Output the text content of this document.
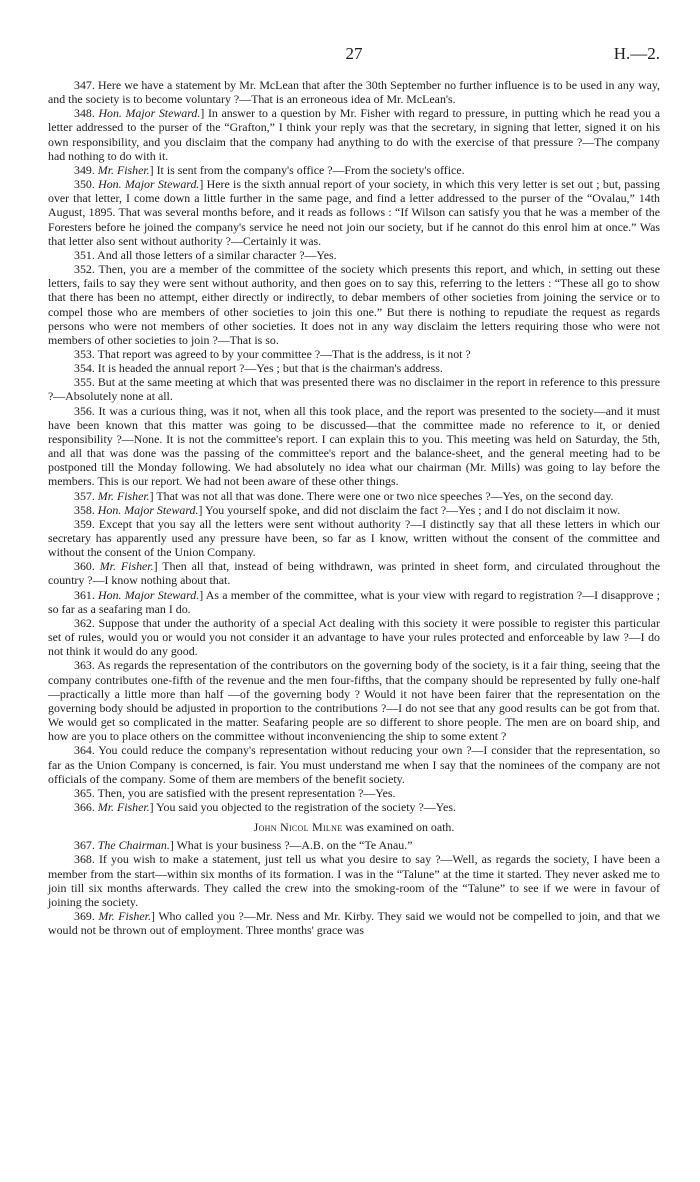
27	H.—2.

347. Here we have a statement by Mr. McLean that after the 30th September no further influence is to be used in any way, and the society is to become voluntary ?—That is an erroneous idea of Mr. McLean's.

348. Hon. Major Steward.] In answer to a question by Mr. Fisher with regard to pressure, in putting which he read you a letter addressed to the purser of the “Grafton,” I think your reply was that the secretary, in signing that letter, signed it on his own responsibility, and you disclaim that the company had anything to do with the exercise of that pressure ?—The company had nothing to do with it.

349. Mr. Fisher.] It is sent from the company's office ?—From the society's office.

350. Hon. Major Steward.] Here is the sixth annual report of your society, in which this very letter is set out ; but, passing over that letter, I come down a little further in the same page, and find a letter addressed to the purser of the “Ovalau,” 14th August, 1895. That was several months before, and it reads as follows : “If Wilson can satisfy you that he was a member of the Foresters before he joined the company's service he need not join our society, but if he cannot do this enrol him at once.” Was that letter also sent without authority ?—Certainly it was.

351. And all those letters of a similar character ?—Yes.

352. Then, you are a member of the committee of the society which presents this report, and which, in setting out these letters, fails to say they were sent without authority, and then goes on to say this, referring to the letters : “These all go to show that there has been no attempt, either directly or indirectly, to debar members of other societies from joining the service or to compel those who are members of other societies to join this one.” But there is nothing to repudiate the request as regards persons who were not members of other societies. It does not in any way disclaim the letters requiring those who were not members of other societies to join ?—That is so.

353. That report was agreed to by your committee ?—That is the address, is it not ?

354. It is headed the annual report ?—Yes ; but that is the chairman's address.

355. But at the same meeting at which that was presented there was no disclaimer in the report in reference to this pressure ?—Absolutely none at all.

356. It was a curious thing, was it not, when all this took place, and the report was presented to the society—and it must have been known that this matter was going to be discussed—that the committee made no reference to it, or denied responsibility ?—None. It is not the committee's report. I can explain this to you. This meeting was held on Saturday, the 5th, and all that was done was the passing of the committee's report and the balance-sheet, and the general meeting had to be postponed till the Monday following. We had absolutely no idea what our chairman (Mr. Mills) was going to lay before the members. This is our report. We had not been aware of these other things.

357. Mr. Fisher.] That was not all that was done. There were one or two nice speeches ?—Yes, on the second day.

358. Hon. Major Steward.] You yourself spoke, and did not disclaim the fact ?—Yes ; and I do not disclaim it now.

359. Except that you say all the letters were sent without authority ?—I distinctly say that all these letters in which our secretary has apparently used any pressure have been, so far as I know, written without the consent of the committee and without the consent of the Union Company.

360. Mr. Fisher.] Then all that, instead of being withdrawn, was printed in sheet form, and circulated throughout the country ?—I know nothing about that.

361. Hon. Major Steward.] As a member of the committee, what is your view with regard to registration ?—I disapprove ; so far as a seafaring man I do.

362. Suppose that under the authority of a special Act dealing with this society it were possible to register this particular set of rules, would you or would you not consider it an advantage to have your rules protected and enforceable by law ?—I do not think it would do any good.

363. As regards the representation of the contributors on the governing body of the society, is it a fair thing, seeing that the company contributes one-fifth of the revenue and the men four-fifths, that the company should be represented by fully one-half—practically a little more than half —of the governing body ? Would it not have been fairer that the representation on the governing body should be adjusted in proportion to the contributions ?—I do not see that any good results can be got from that. We would get so complicated in the matter. Seafaring people are so different to shore people. The men are on board ship, and how are you to place others on the committee without inconveniencing the ship to some extent ?

364. You could reduce the company's representation without reducing your own ?—I consider that the representation, so far as the Union Company is concerned, is fair. You must understand me when I say that the nominees of the company are not officials of the company. Some of them are members of the benefit society.

365. Then, you are satisfied with the present representation ?—Yes.

366. Mr. Fisher.] You said you objected to the registration of the society ?—Yes.

John Nicol Milne was examined on oath.

367. The Chairman.] What is your business ?—A.B. on the “Te Anau.”

368. If you wish to make a statement, just tell us what you desire to say ?—Well, as regards the society, I have been a member from the start—within six months of its formation. I was in the “Talune” at the time it started. They never asked me to join till six months afterwards. They called the crew into the smoking-room of the “Talune” to see if we were in favour of joining the society.

369. Mr. Fisher.] Who called you ?—Mr. Ness and Mr. Kirby. They said we would not be compelled to join, and that we would not be thrown out of employment. Three months' grace was
